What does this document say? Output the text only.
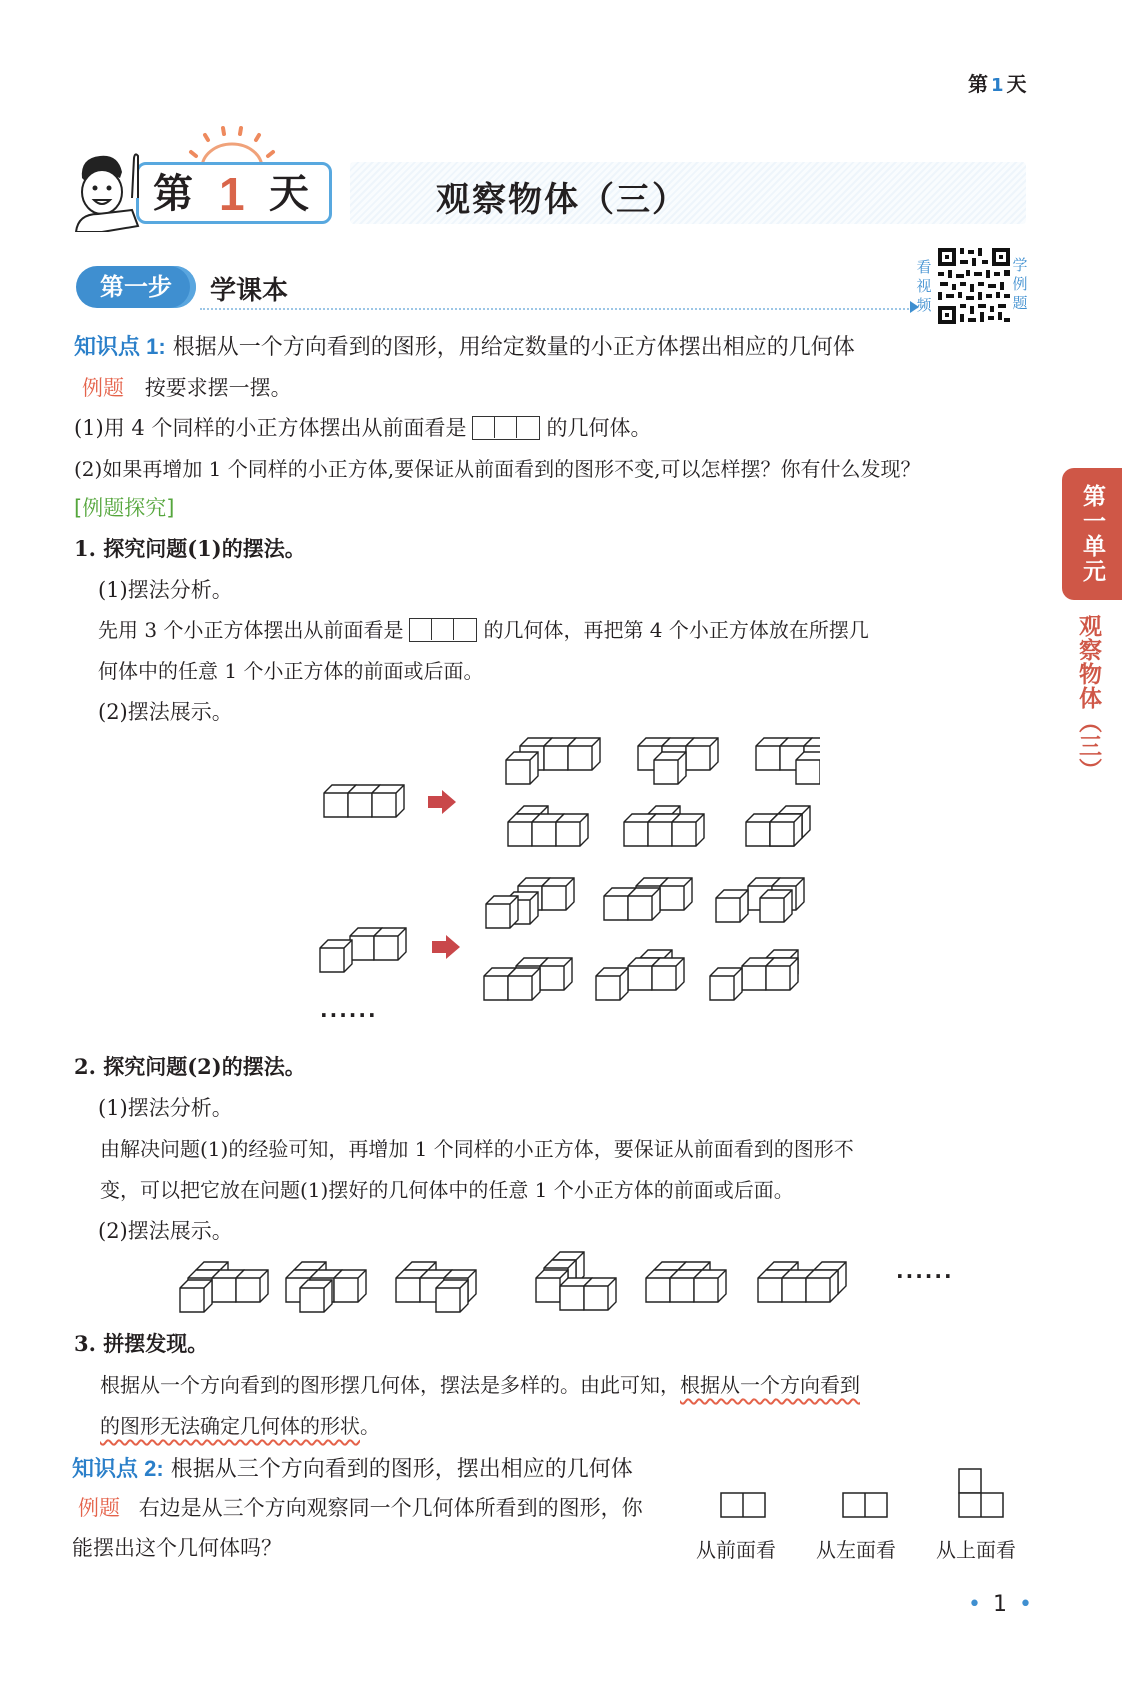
第 1 天
第 1 天	观察物体（三）
第一步	学课本
看
视
频
学
例
题
第一单元
观察物体（三）
知识点 1: 根据从一个方向看到的图形，用给定数量的小正方体摆出相应的几何体
例题 按要求摆一摆。
(1)用 4 个同样的小正方体摆出从前面看是	的几何体。
(2)如果再增加 1 个同样的小正方体,要保证从前面看到的图形不变,可以怎样摆？你有什么发现？
[例题探究]
1. 探究问题(1)的摆法。
(1)摆法分析。
先用 3 个小正方体摆出从前面看是	的几何体，再把第 4 个小正方体放在所摆几
何体中的任意 1 个小正方体的前面或后面。
(2)摆法展示。
······
2. 探究问题(2)的摆法。
(1)摆法分析。
由解决问题(1)的经验可知，再增加 1 个同样的小正方体，要保证从前面看到的图形不
变，可以把它放在问题(1)摆好的几何体中的任意 1 个小正方体的前面或后面。
(2)摆法展示。
······
3. 拼摆发现。
根据从一个方向看到的图形摆几何体，摆法是多样的。由此可知，根据从一个方向看到
的图形无法确定几何体的形状。
知识点 2: 根据从三个方向看到的图形，摆出相应的几何体
例题 右边是从三个方向观察同一个几何体所看到的图形，你
能摆出这个几何体吗？	从前面看 从左面看 从上面看
• 1 •
